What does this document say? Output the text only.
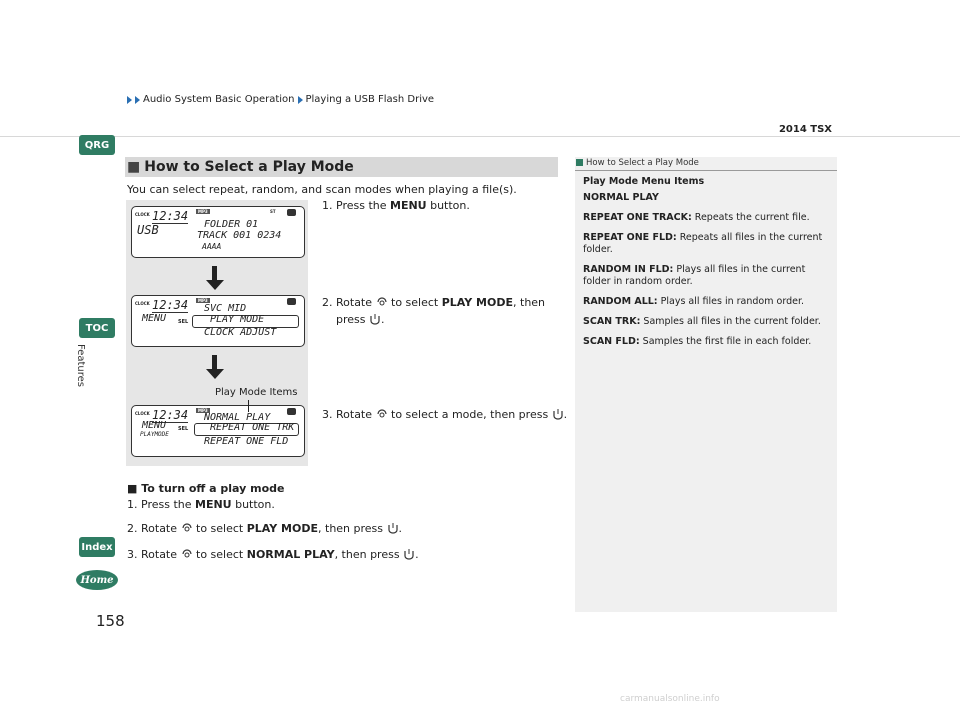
Audio System Basic Operation Playing a USB Flash Drive
2014 TSX
QRG
TOC
Features
Index
Home
158
■ How to Select a Play Mode
You can select repeat, random, and scan modes when playing a file(s).
CLOCK 12:34	MP3	ST
USB	FOLDER 01
TRACK 001 0234
AAAA
CLOCK 12:34	MP3
MENU SEL
SVC MID
PLAY MODE
CLOCK ADJUST
CLOCK 12:34	MP3
MENU
PLAYMODE
SEL
NORMAL PLAY
REPEAT ONE TRK
REPEAT ONE FLD
Play Mode Items
1. Press the MENU button.
2. Rotate  to select PLAY MODE, then
press .
3. Rotate  to select a mode, then press .
■ To turn off a play mode
1. Press the MENU button.
2. Rotate  to select PLAY MODE, then press .
3. Rotate  to select NORMAL PLAY, then press .
How to Select a Play Mode

Play Mode Menu Items

NORMAL PLAY

REPEAT ONE TRACK: Repeats the current file.

REPEAT ONE FLD: Repeats all files in the current folder.

RANDOM IN FLD: Plays all files in the current folder in random order.

RANDOM ALL: Plays all files in random order.

SCAN TRK: Samples all files in the current folder.

SCAN FLD: Samples the first file in each folder.

carmanualsonline.info
